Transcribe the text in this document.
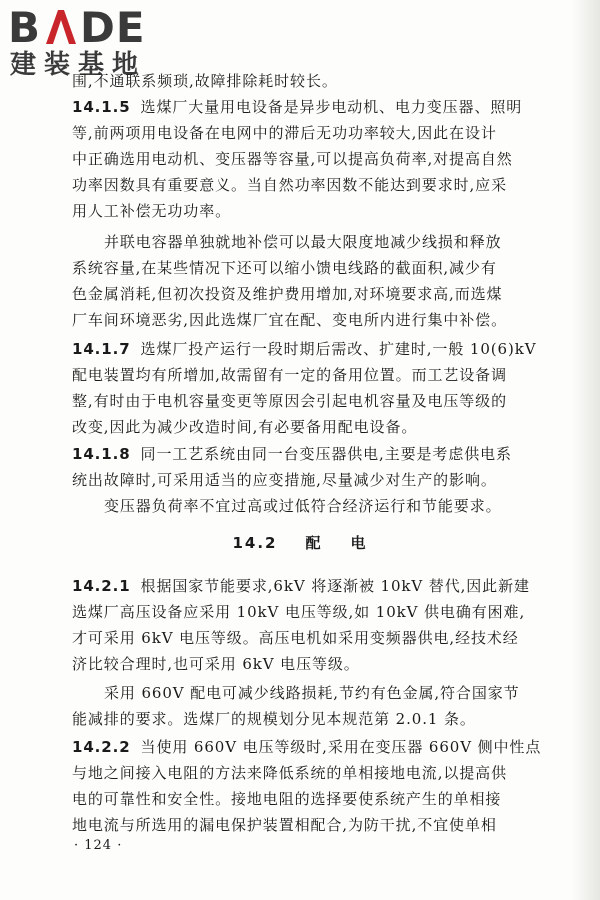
B DE
建装基地
围,不通联系频琐,故障排除耗时较长。
14.1.5 选煤厂大量用电设备是异步电动机、电力变压器、照明
等,前两项用电设备在电网中的滞后无功功率较大,因此在设计
中正确选用电动机、变压器等容量,可以提高负荷率,对提高自然
功率因数具有重要意义。当自然功率因数不能达到要求时,应采
用人工补偿无功功率。
并联电容器单独就地补偿可以最大限度地减少线损和释放
系统容量,在某些情况下还可以缩小馈电线路的截面积,减少有
色金属消耗,但初次投资及维护费用增加,对环境要求高,而选煤
厂车间环境恶劣,因此选煤厂宜在配、变电所内进行集中补偿。
14.1.7 选煤厂投产运行一段时期后需改、扩建时,一般 10(6)kV
配电装置均有所增加,故需留有一定的备用位置。而工艺设备调
整,有时由于电机容量变更等原因会引起电机容量及电压等级的
改变,因此为减少改造时间,有必要备用配电设备。
14.1.8 同一工艺系统由同一台变压器供电,主要是考虑供电系
统出故障时,可采用适当的应变措施,尽量减少对生产的影响。
变压器负荷率不宜过高或过低符合经济运行和节能要求。
14.2 配 电
14.2.1 根据国家节能要求,6kV 将逐渐被 10kV 替代,因此新建
选煤厂高压设备应采用 10kV 电压等级,如 10kV 供电确有困难,
才可采用 6kV 电压等级。高压电机如采用变频器供电,经技术经
济比较合理时,也可采用 6kV 电压等级。
采用 660V 配电可减少线路损耗,节约有色金属,符合国家节
能减排的要求。选煤厂的规模划分见本规范第 2.0.1 条。
14.2.2 当使用 660V 电压等级时,采用在变压器 660V 侧中性点
与地之间接入电阻的方法来降低系统的单相接地电流,以提高供
电的可靠性和安全性。接地电阻的选择要使系统产生的单相接
地电流与所选用的漏电保护装置相配合,为防干扰,不宜使单相
· 124 ·
